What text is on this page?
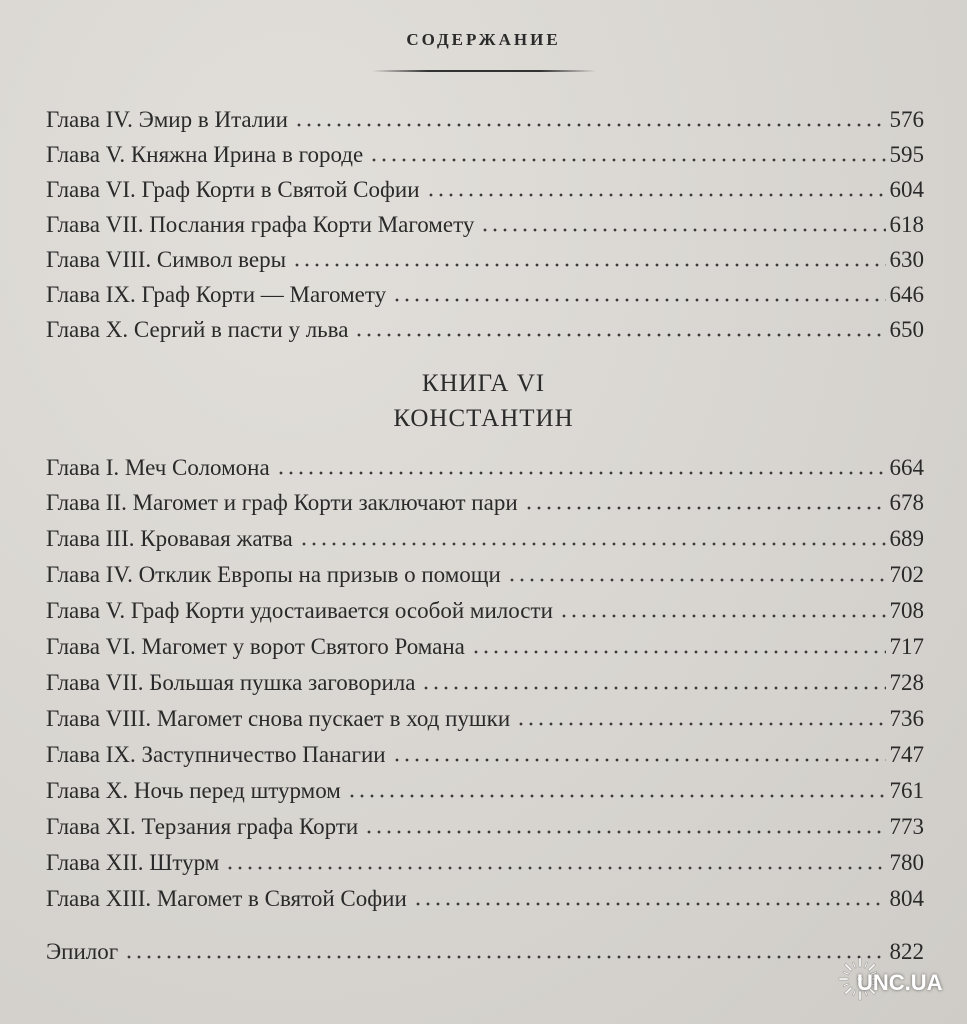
СОДЕРЖАНИЕ
Глава IV. Эмир в Италии	576
Глава V. Княжна Ирина в городе	595
Глава VI. Граф Корти в Святой Софии	604
Глава VII. Послания графа Корти Магомету	618
Глава VIII. Символ веры	630
Глава IX. Граф Корти — Магомету	646
Глава X. Сергий в пасти у льва	650
КНИГА VI
КОНСТАНТИН
Глава I. Меч Соломона	664
Глава II. Магомет и граф Корти заключают пари	678
Глава III. Кровавая жатва	689
Глава IV. Отклик Европы на призыв о помощи	702
Глава V. Граф Корти удостаивается особой милости	708
Глава VI. Магомет у ворот Святого Романа	717
Глава VII. Большая пушка заговорила	728
Глава VIII. Магомет снова пускает в ход пушки	736
Глава IX. Заступничество Панагии	747
Глава X. Ночь перед штурмом	761
Глава XI. Терзания графа Корти	773
Глава XII. Штурм	780
Глава XIII. Магомет в Святой Софии	804
Эпилог	822
UNC.UA
